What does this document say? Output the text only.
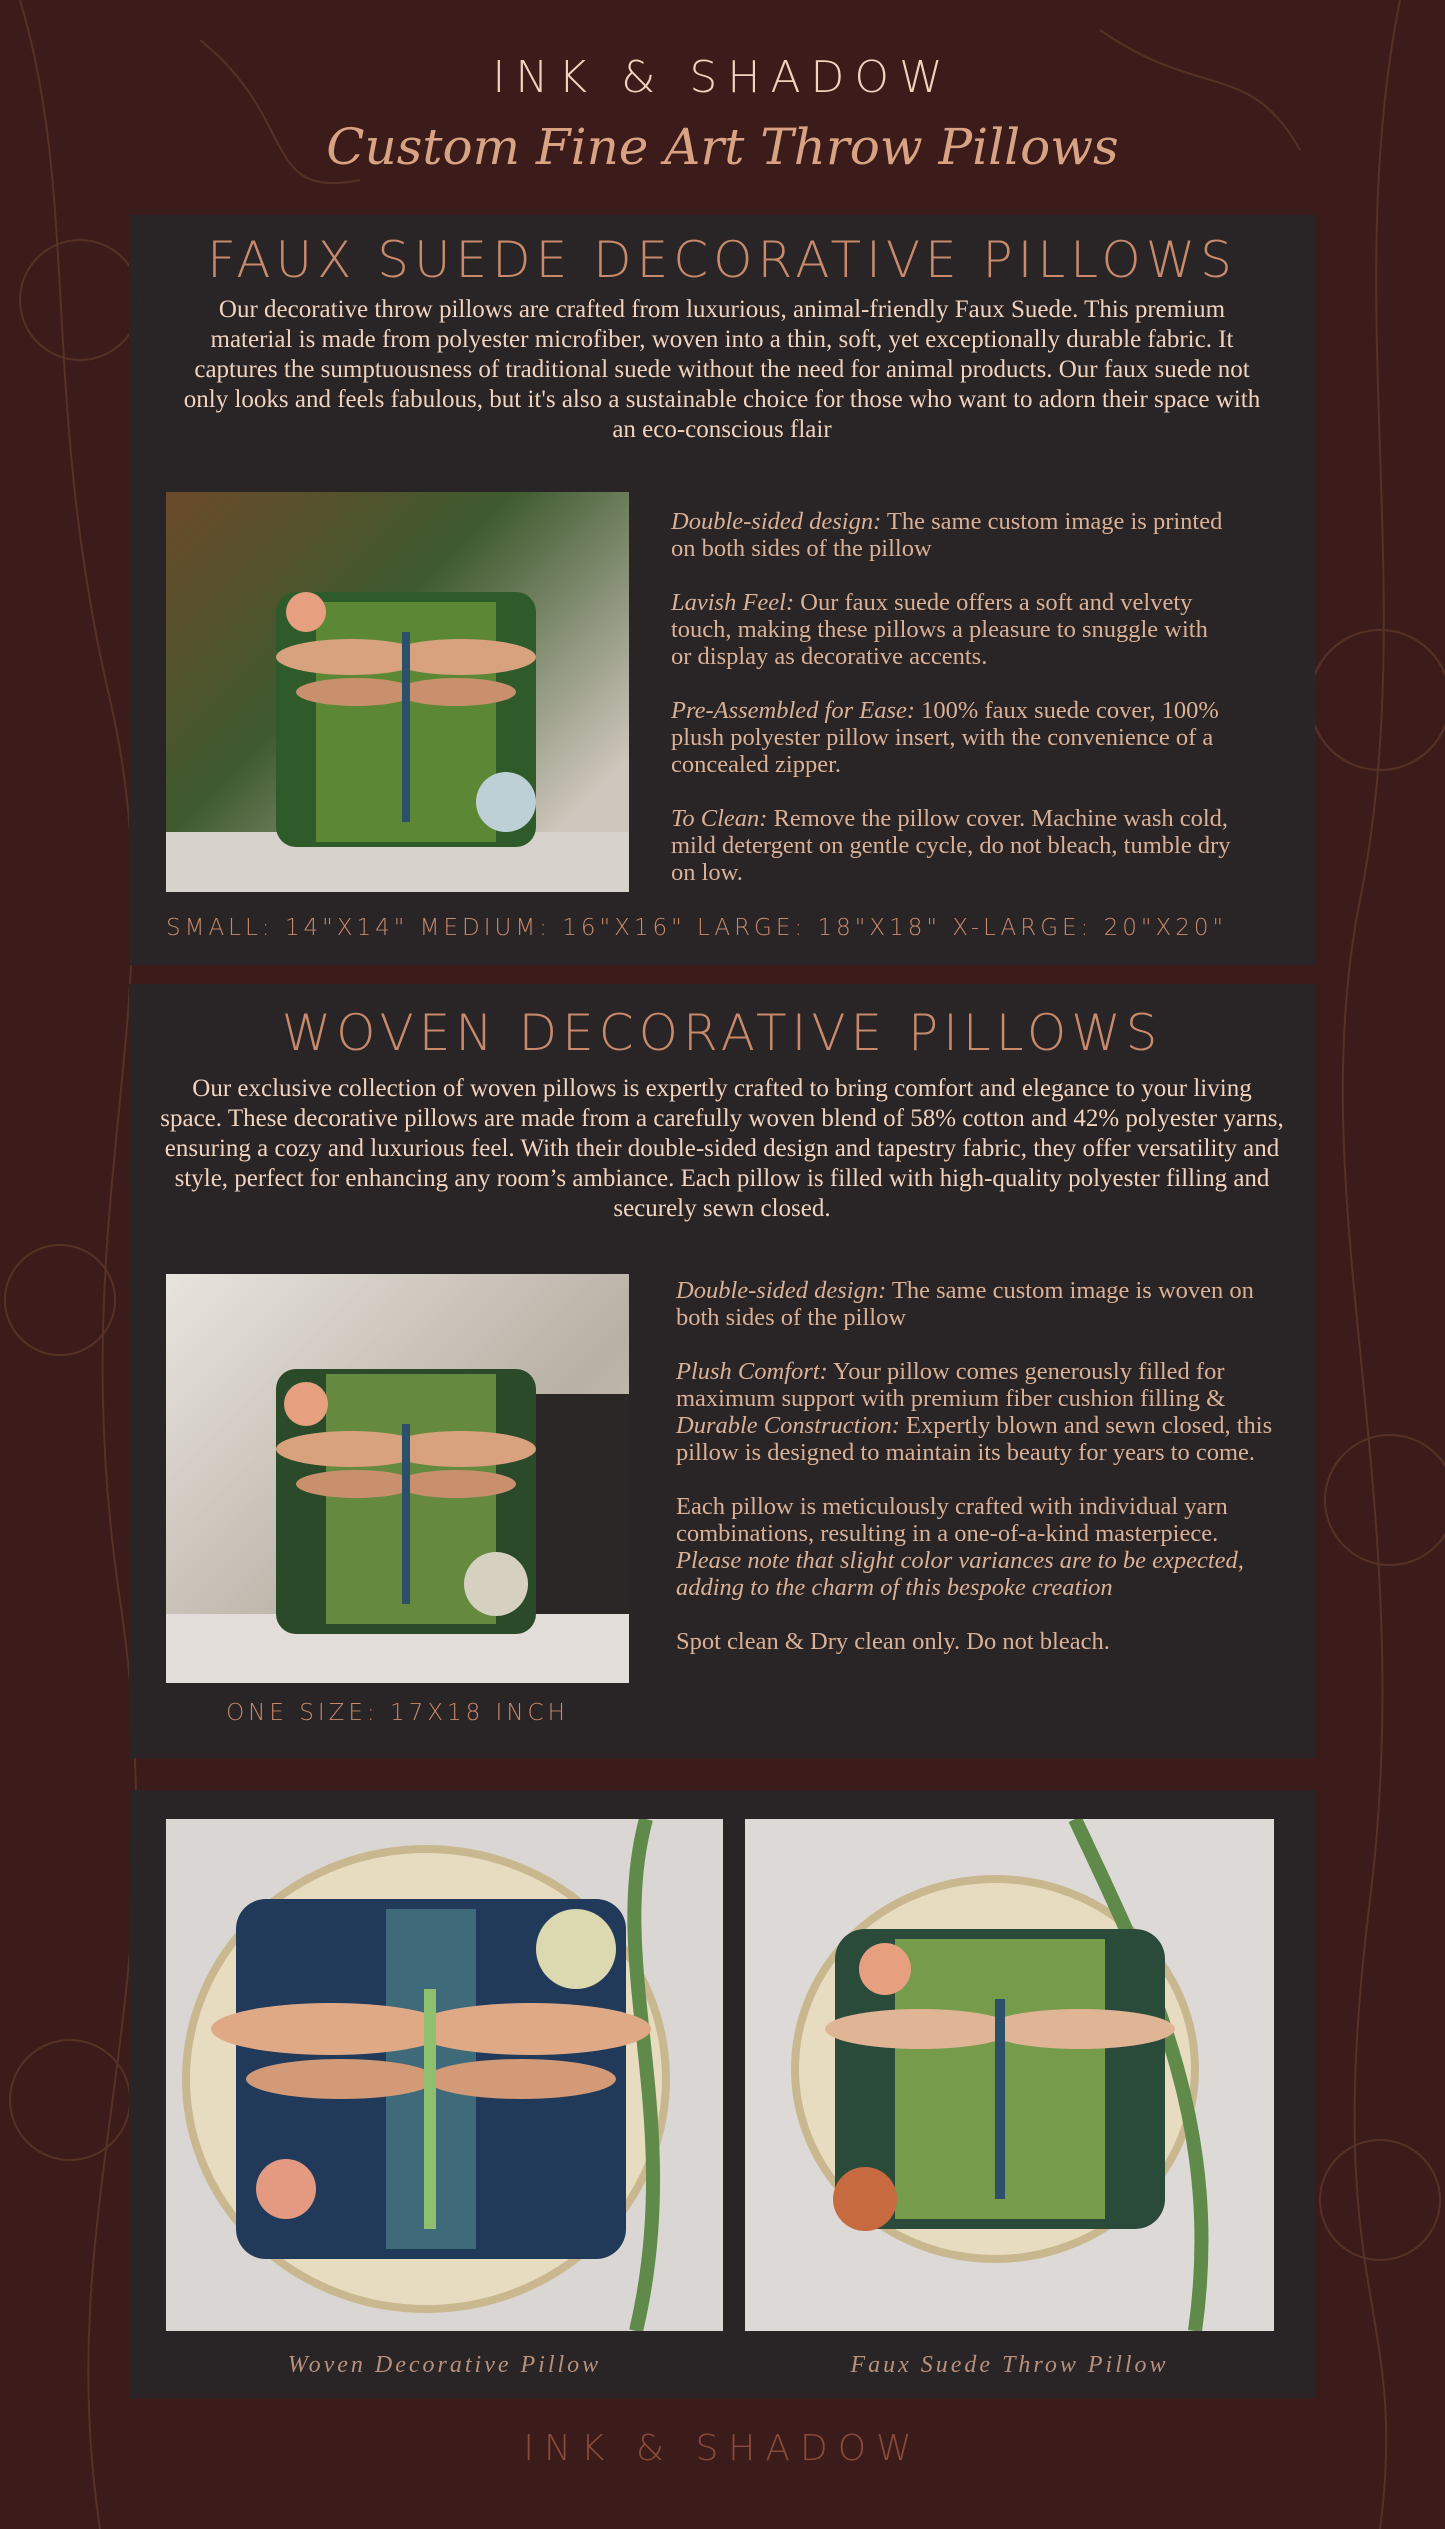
INK & SHADOW
Custom Fine Art Throw Pillows
FAUX SUEDE DECORATIVE PILLOWS
Our decorative throw pillows are crafted from luxurious, animal-friendly Faux Suede. This premium material is made from polyester microfiber, woven into a thin, soft, yet exceptionally durable fabric. It captures the sumptuousness of traditional suede without the need for animal products. Our faux suede not only looks and feels fabulous, but it's also a sustainable choice for those who want to adorn their space with an eco-conscious flair

Double-sided design: The same custom image is printed on both sides of the pillow

Lavish Feel: Our faux suede offers a soft and velvety touch, making these pillows a pleasure to snuggle with or display as decorative accents.

Pre-Assembled for Ease: 100% faux suede cover, 100% plush polyester pillow insert, with the convenience of a concealed zipper.

To Clean: Remove the pillow cover. Machine wash cold, mild detergent on gentle cycle, do not bleach, tumble dry on low.

SMALL: 14"X14" MEDIUM: 16"X16" LARGE: 18"X18" X-LARGE: 20"X20"
WOVEN DECORATIVE PILLOWS
Our exclusive collection of woven pillows is expertly crafted to bring comfort and elegance to your living space. These decorative pillows are made from a carefully woven blend of 58% cotton and 42% polyester yarns, ensuring a cozy and luxurious feel. With their double-sided design and tapestry fabric, they offer versatility and style, perfect for enhancing any room’s ambiance. Each pillow is filled with high-quality polyester filling and securely sewn closed.

Double-sided design: The same custom image is woven on both sides of the pillow

Plush Comfort: Your pillow comes generously filled for maximum support with premium fiber cushion filling & Durable Construction: Expertly blown and sewn closed, this pillow is designed to maintain its beauty for years to come.

Each pillow is meticulously crafted with individual yarn combinations, resulting in a one-of-a-kind masterpiece. Please note that slight color variances are to be expected, adding to the charm of this bespoke creation

Spot clean & Dry clean only. Do not bleach.

ONE SIZE: 17X18 INCH
Woven Decorative Pillow	Faux Suede Throw Pillow
INK & SHADOW
